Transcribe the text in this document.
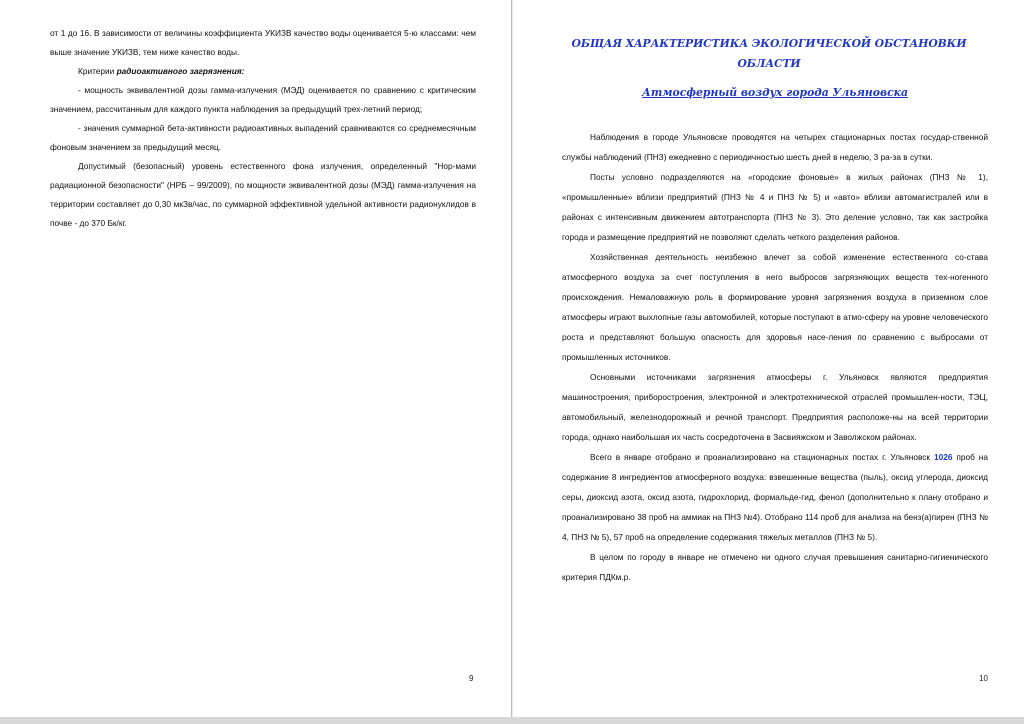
от 1 до 16. В зависимости от величины коэффициента УКИЗВ качество воды оценивается 5-ю классами: чем выше значение УКИЗВ, тем ниже качество воды.

Критерии радиоактивного загрязнения:

- мощность эквивалентной дозы гамма-излучения (МЭД) оценивается по сравнению с критическим значением, рассчитанным для каждого пункта наблюдения за предыдущий трех-летний период;

- значения суммарной бета-активности радиоактивных выпадений сравниваются со среднемесячным фоновым значением за предыдущий месяц.

Допустимый (безопасный) уровень естественного фона излучения, определенный "Нор-мами радиационной безопасности" (НРБ – 99/2009), по мощности эквивалентной дозы (МЭД) гамма-излучения на территории составляет до 0,30 мкЗв/час, по суммарной эффективной удельной активности радионуклидов в почве - до 370 Бк/кг.

ОБЩАЯ ХАРАКТЕРИСТИКА ЭКОЛОГИЧЕСКОЙ ОБСТАНОВКИ ОБЛАСТИ
Атмосферный воздух города Ульяновска

Наблюдения в городе Ульяновске проводятся на четырех стационарных постах государ-ственной службы наблюдений (ПНЗ) ежедневно с периодичностью шесть дней в неделю, 3 ра-за в сутки.

Посты условно подразделяются на «городские фоновые» в жилых районах (ПНЗ № 1), «промышленные» вблизи предприятий (ПНЗ № 4 и ПНЗ № 5) и «авто» вблизи автомагистралей или в районах с интенсивным движением автотранспорта (ПНЗ № 3). Это деление условно, так как застройка города и размещение предприятий не позволяют сделать четкого разделения районов.

Хозяйственная деятельность неизбежно влечет за собой изменение естественного со-става атмосферного воздуха за счет поступления в него выбросов загрязняющих веществ тех-ногенного происхождения. Немаловажную роль в формирование уровня загрязнения воздуха в приземном слое атмосферы играют выхлопные газы автомобилей, которые поступают в атмо-сферу на уровне человеческого роста и представляют большую опасность для здоровья насе-ления по сравнению с выбросами от промышленных источников.

Основными источниками загрязнения атмосферы г. Ульяновск являются предприятия машиностроения, приборостроения, электронной и электротехнической отраслей промышлен-ности, ТЭЦ, автомобильный, железнодорожный и речной транспорт. Предприятия расположе-ны на всей территории города, однако наибольшая их часть сосредоточена в Засвияжском и Заволжском районах.

Всего в январе отобрано и проанализировано на стационарных постах г. Ульяновск 1026 проб на содержание 8 ингредиентов атмосферного воздуха: взвешенные вещества (пыль), оксид углерода, диоксид серы, диоксид азота, оксид азота, гидрохлорид, формальде-гид, фенол (дополнительно к плану отобрано и проанализировано 38 проб на аммиак на ПНЗ №4). Отобрано 114 проб для анализа на бенз(а)пирен (ПНЗ № 4, ПНЗ № 5), 57 проб на определение содержания тяжелых металлов (ПНЗ № 5).

В целом по городу в январе не отмечено ни одного случая превышения санитарно-гигиенического критерия ПДКм.р.

9	10
